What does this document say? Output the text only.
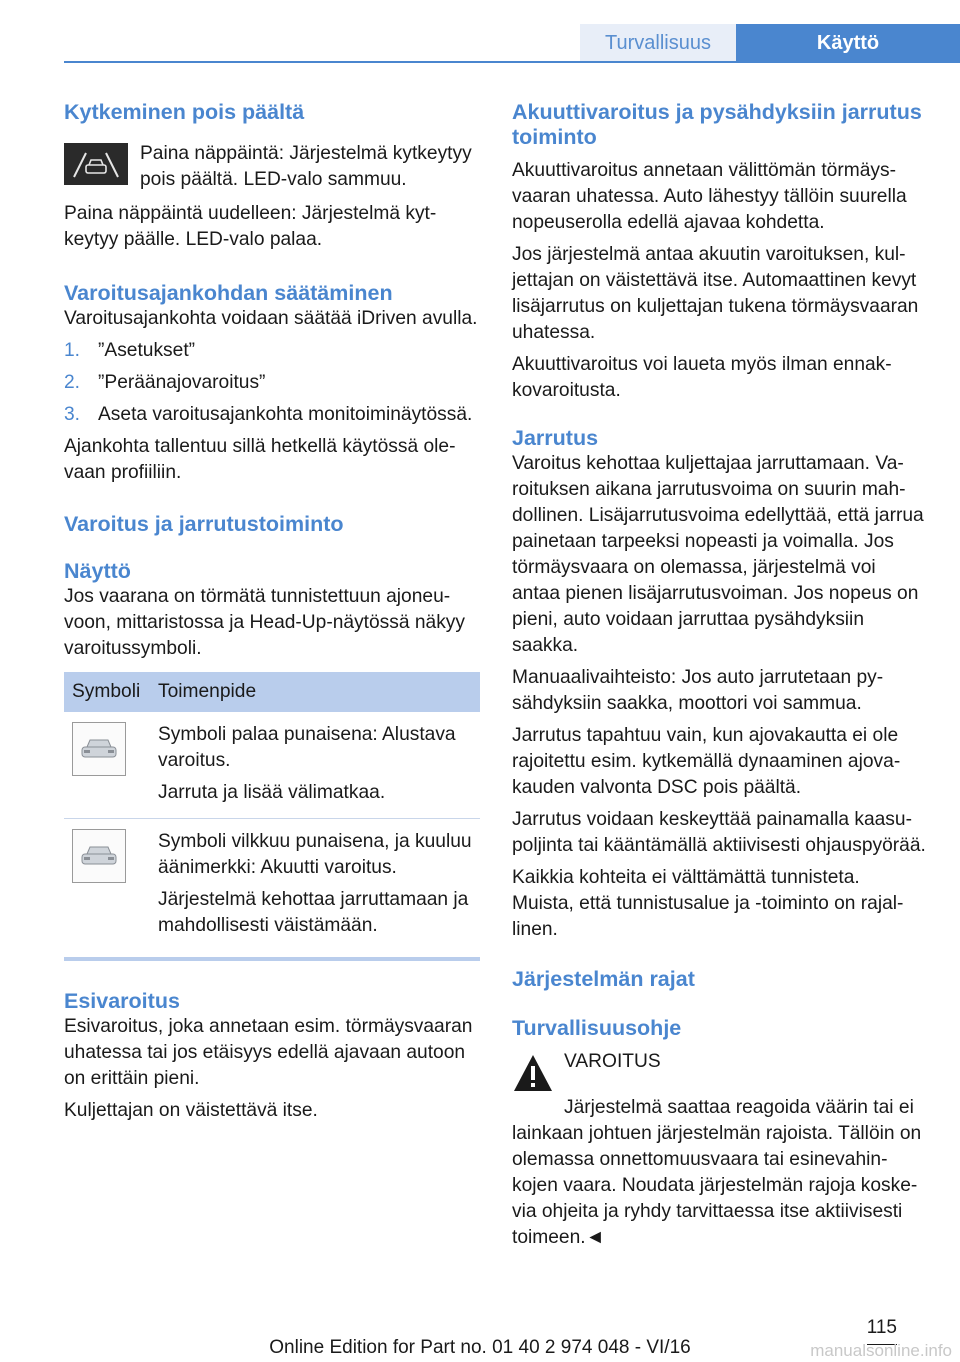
Turvallisuus	Käyttö
Kytkeminen pois päältä

Paina näppäintä: Järjestelmä kytkeytyy pois päältä. LED-valo sammuu.

Paina näppäintä uudelleen: Järjestelmä kytkeytyy päälle. LED-valo palaa.

Varoitusajankohdan säätäminen

Varoitusajankohta voidaan säätää iDriven avulla.

1. ”Asetukset”
2. ”Peräänajovaroitus”
3. Aseta varoitusajankohta monitoiminäytössä.

Ajankohta tallentuu sillä hetkellä käytössä olevaan profiiliin.

Varoitus ja jarrutustoiminto
Näyttö

Jos vaarana on törmätä tunnistettuun ajoneuvoon, mittaristossa ja Head-Up-näytössä näkyy varoitussymboli.

Symboli	Toimenpide

Symboli palaa punaisena: Alustava varoitus.

Jarruta ja lisää välimatkaa.

Symboli vilkkuu punaisena, ja kuuluu äänimerkki: Akuutti varoitus.

Järjestelmä kehottaa jarruttamaan ja mahdollisesti väistämään.

Esivaroitus

Esivaroitus, joka annetaan esim. törmäysvaaran uhatessa tai jos etäisyys edellä ajavaan autoon on erittäin pieni.

Kuljettajan on väistettävä itse.

Akuuttivaroitus ja pysähdyksiin jarrutus toiminto

Akuuttivaroitus annetaan välittömän törmäysvaaran uhatessa. Auto lähestyy tällöin suurella nopeuserolla edellä ajavaa kohdetta.

Jos järjestelmä antaa akuutin varoituksen, kuljettajan on väistettävä itse. Automaattinen kevyt lisäjarrutus on kuljettajan tukena törmäysvaaran uhatessa.

Akuuttivaroitus voi laueta myös ilman ennakkovaroitusta.

Jarrutus

Varoitus kehottaa kuljettajaa jarruttamaan. Varoituksen aikana jarrutusvoima on suurin mahdollinen. Lisäjarrutusvoima edellyttää, että jarrua painetaan tarpeeksi nopeasti ja voimalla. Jos törmäysvaara on olemassa, järjestelmä voi antaa pienen lisäjarrutusvoiman. Jos nopeus on pieni, auto voidaan jarruttaa pysähdyksiin saakka.

Manuaalivaihteisto: Jos auto jarrutetaan pysähdyksiin saakka, moottori voi sammua.

Jarrutus tapahtuu vain, kun ajovakautta ei ole rajoitettu esim. kytkemällä dynaaminen ajovakauden valvonta DSC pois päältä.

Jarrutus voidaan keskeyttää painamalla kaasupoljinta tai kääntämällä aktiivisesti ohjauspyörää.

Kaikkia kohteita ei välttämättä tunnisteta. Muista, että tunnistusalue ja -toiminto on rajallinen.

Järjestelmän rajat
Turvallisuusohje

VAROITUS

Järjestelmä saattaa reagoida väärin tai ei lainkaan johtuen järjestelmän rajoista. Tällöin on olemassa onnettomuusvaara tai esinevahinkojen vaara. Noudata järjestelmän rajoja koskevia ohjeita ja ryhdy tarvittaessa itse aktiivisesti toimeen.◄

115
Online Edition for Part no. 01 40 2 974 048 - VI/16	manualsonline.info
